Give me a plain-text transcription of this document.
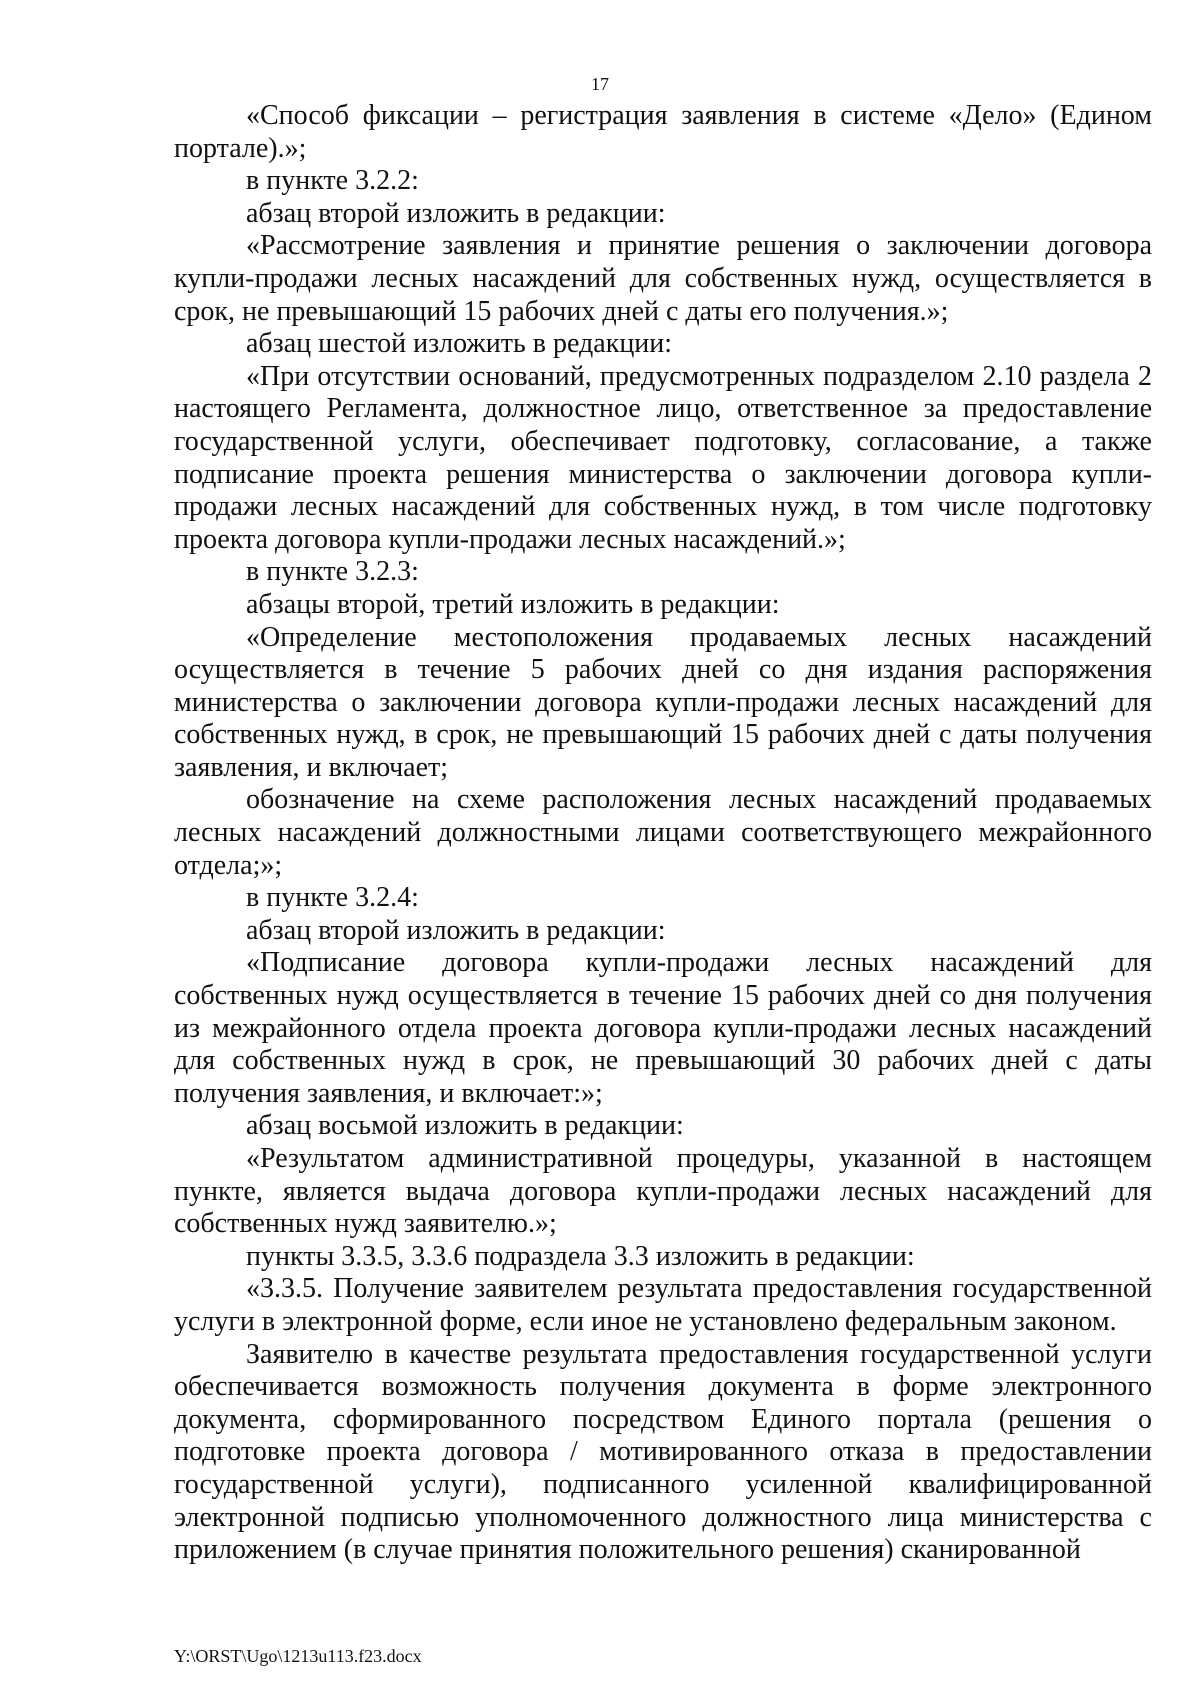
17

«Способ фиксации – регистрация заявления в системе «Дело» (Едином портале).»;

в пункте 3.2.2:

абзац второй изложить в редакции:

«Рассмотрение заявления и принятие решения о заключении договора купли-продажи лесных насаждений для собственных нужд, осуществляется в срок, не превышающий 15 рабочих дней с даты его получения.»;

абзац шестой изложить в редакции:

«При отсутствии оснований, предусмотренных подразделом 2.10 раздела 2 настоящего Регламента, должностное лицо, ответственное за предоставление государственной услуги, обеспечивает подготовку, согласование, а также подписание проекта решения министерства о заключении договора купли-продажи лесных насаждений для собственных нужд, в том числе подготовку проекта договора купли-продажи лесных насаждений.»;

в пункте 3.2.3:

абзацы второй, третий изложить в редакции:

«Определение местоположения продаваемых лесных насаждений осуществляется в течение 5 рабочих дней со дня издания распоряжения министерства о заключении договора купли-продажи лесных насаждений для собственных нужд, в срок, не превышающий 15 рабочих дней с даты получения заявления, и включает;

обозначение на схеме расположения лесных насаждений продаваемых лесных насаждений должностными лицами соответствующего межрайонного отдела;»;

в пункте 3.2.4:

абзац второй изложить в редакции:

«Подписание договора купли-продажи лесных насаждений для собственных нужд осуществляется в течение 15 рабочих дней со дня получения из межрайонного отдела проекта договора купли-продажи лесных насаждений для собственных нужд в срок, не превышающий 30 рабочих дней с даты получения заявления, и включает:»;

абзац восьмой изложить в редакции:

«Результатом административной процедуры, указанной в настоящем пункте, является выдача договора купли-продажи лесных насаждений для собственных нужд заявителю.»;

пункты 3.3.5, 3.3.6 подраздела 3.3 изложить в редакции:

«3.3.5. Получение заявителем результата предоставления государственной услуги в электронной форме, если иное не установлено федеральным законом.

Заявителю в качестве результата предоставления государственной услуги обеспечивается возможность получения документа в форме электронного документа, сформированного посредством Единого портала (решения о подготовке проекта договора / мотивированного отказа в предоставлении государственной услуги), подписанного усиленной квалифицированной электронной подписью уполномоченного должностного лица министерства с приложением (в случае принятия положительного решения) сканированной

Y:\ORST\Ugo\1213u113.f23.docx
